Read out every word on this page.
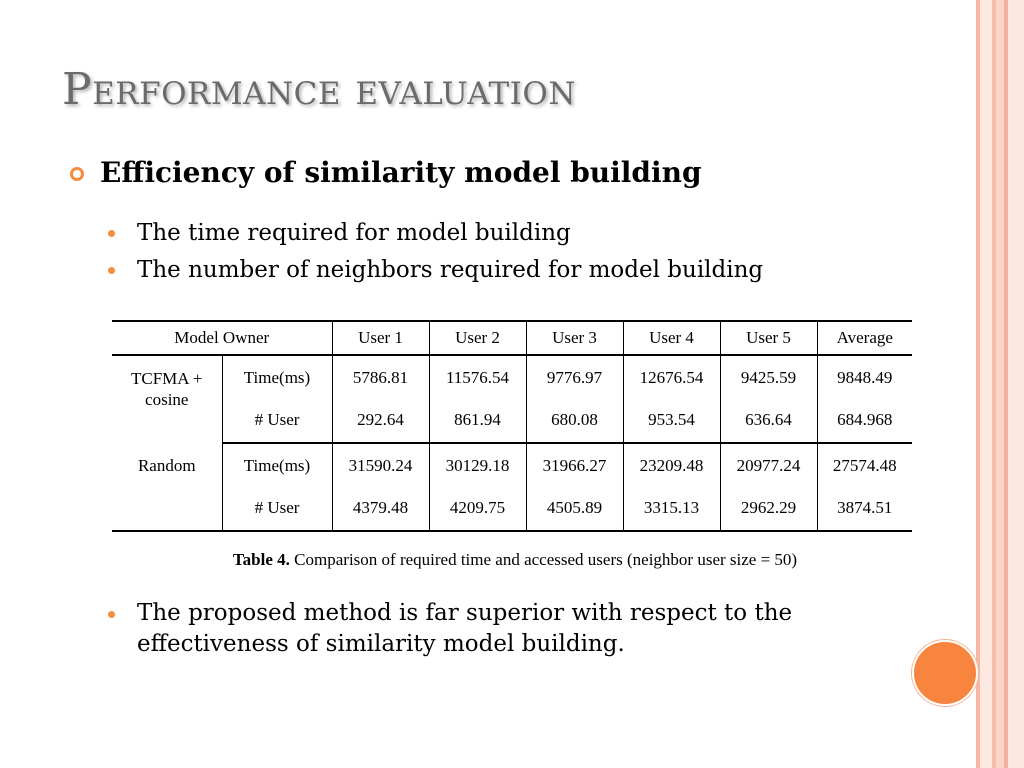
Performance evaluation
Efficiency of similarity model building
The time required for model building
The number of neighbors required for model building
Model Owner		User 1	User 2	User 3	User 4	User 5	Average
TCFMA + cosine	Time(ms)	5786.81	11576.54	9776.97	12676.54	9425.59	9848.49
	# User	292.64	861.94	680.08	953.54	636.64	684.968
Random	Time(ms)	31590.24	30129.18	31966.27	23209.48	20977.24	27574.48
	# User	4379.48	4209.75	4505.89	3315.13	2962.29	3874.51
Table 4. Comparison of required time and accessed users (neighbor user size = 50)
The proposed method is far superior with respect to the effectiveness of similarity model building.
